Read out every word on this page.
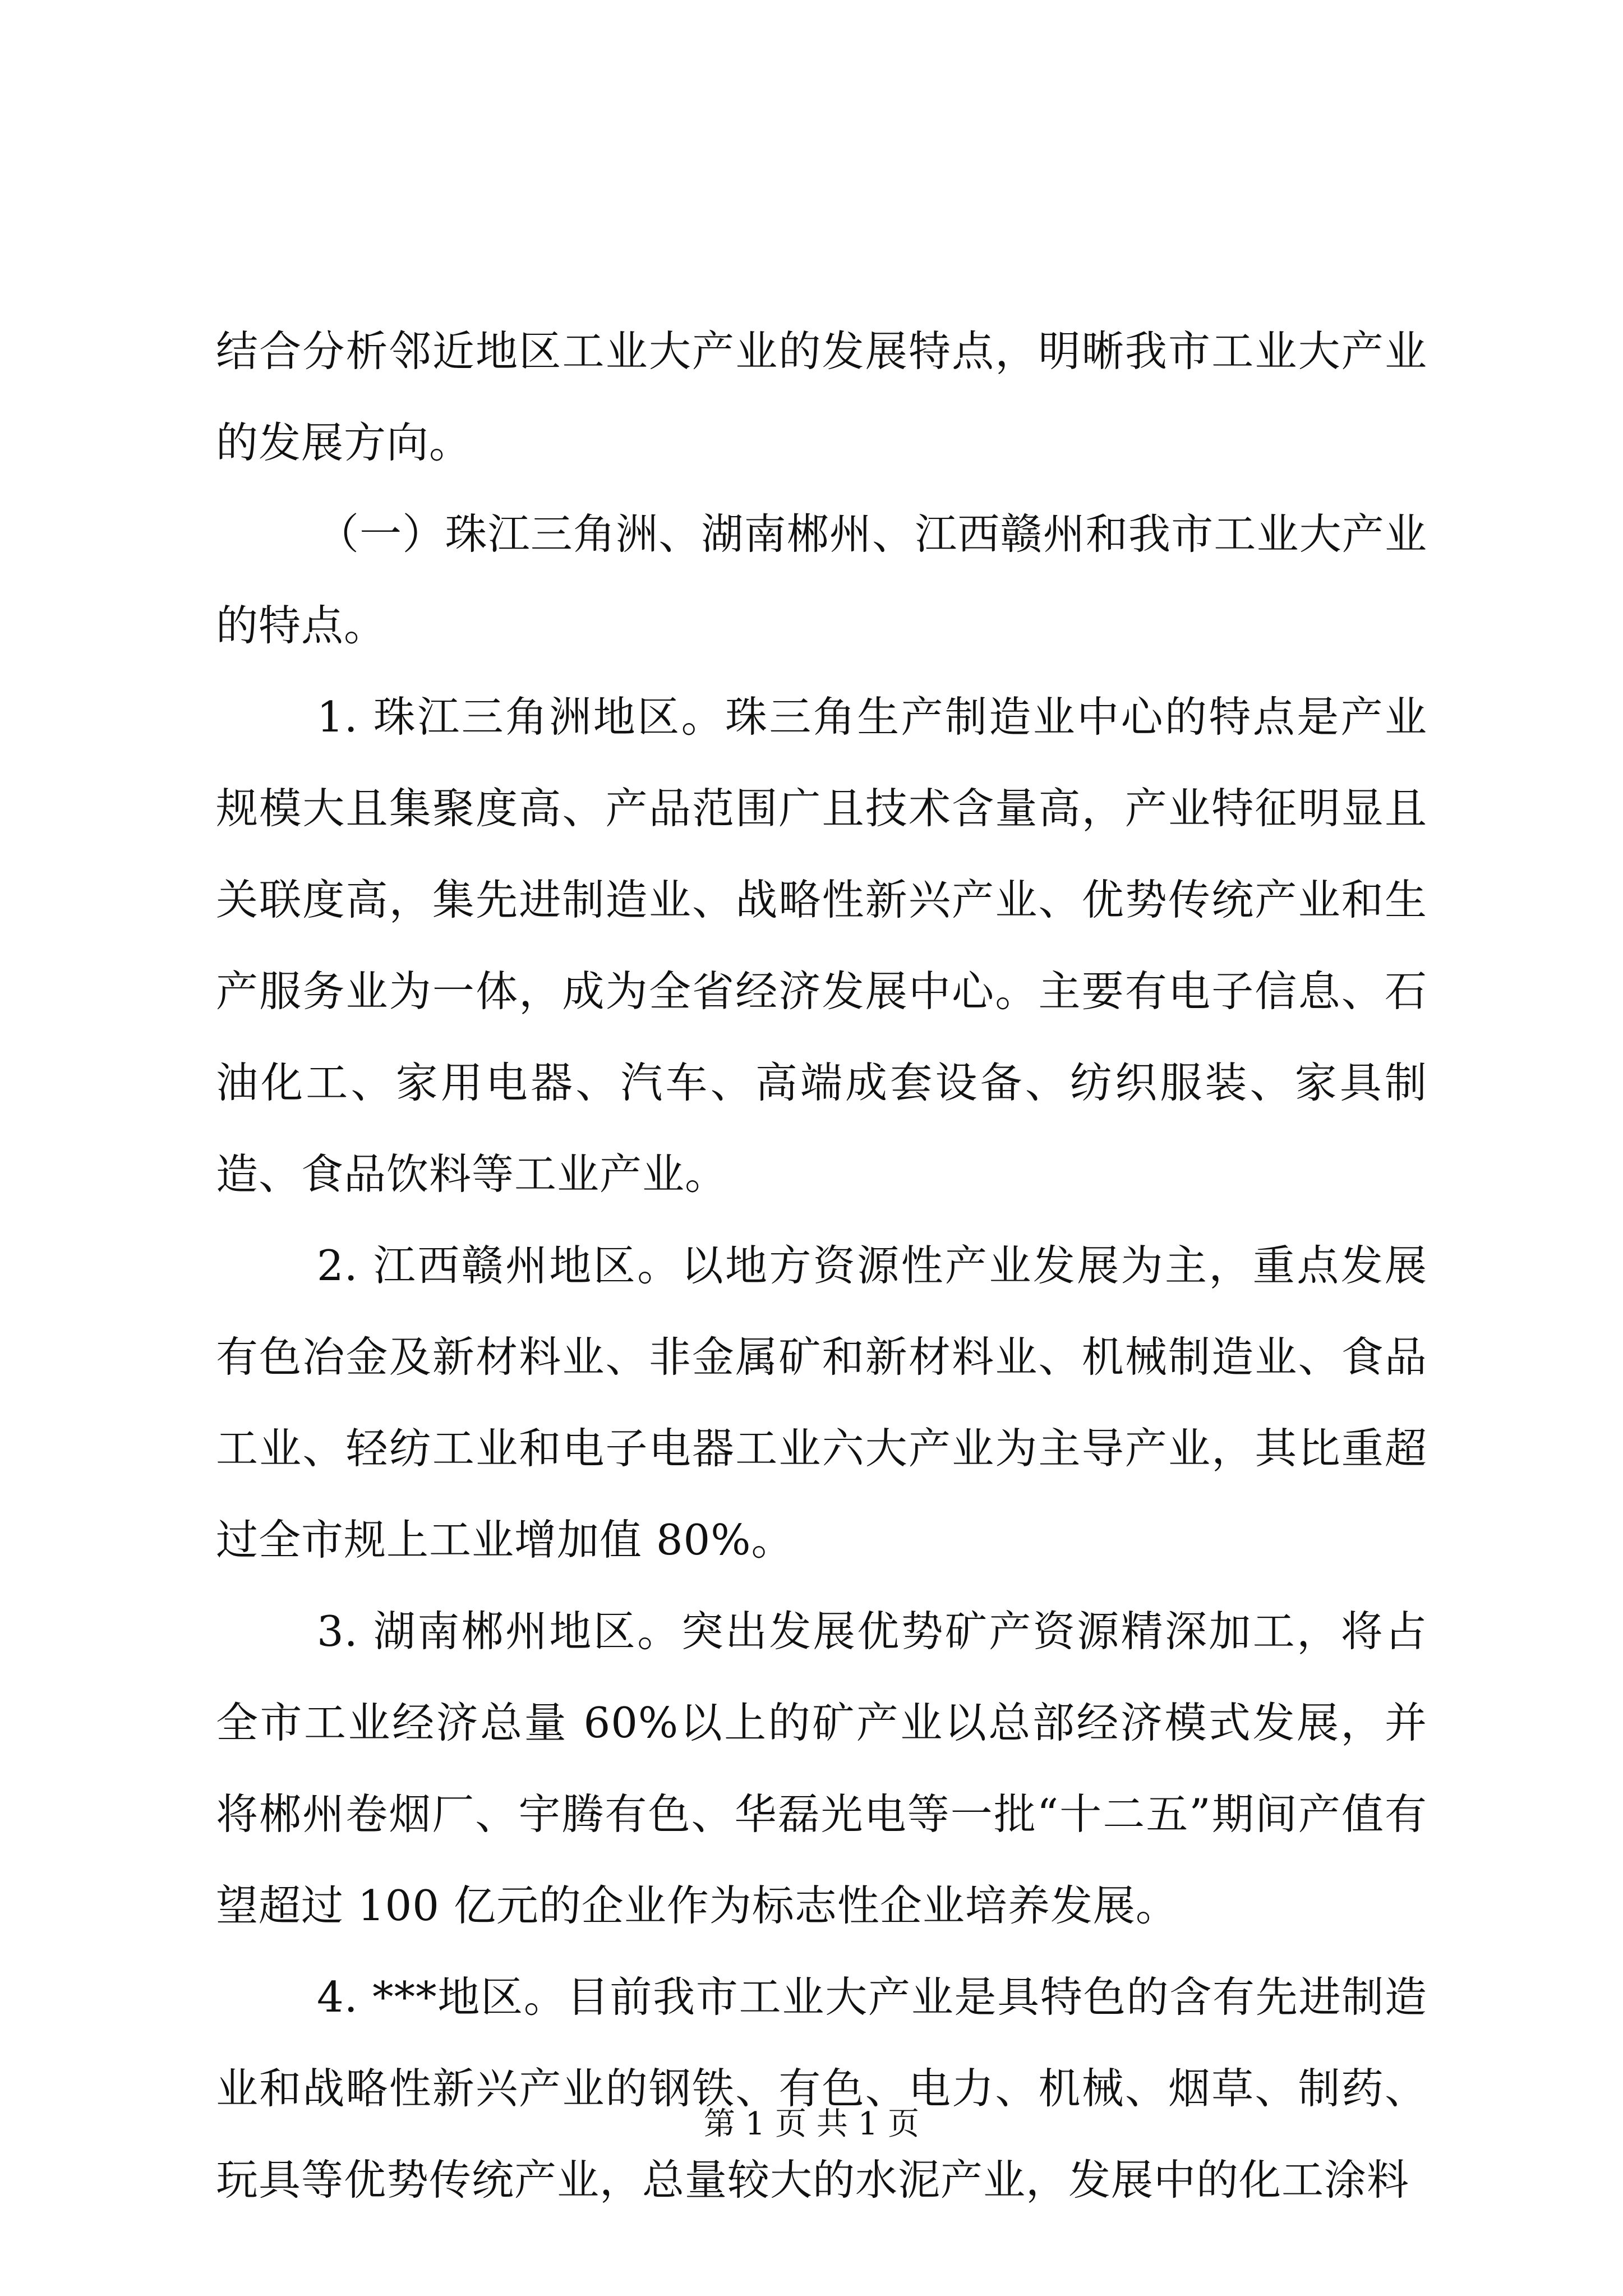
结合分析邻近地区工业大产业的发展特点，明晰我市工业大产业的发展方向。

（一）珠江三角洲、湖南郴州、江西赣州和我市工业大产业的特点。

1. 珠江三角洲地区。珠三角生产制造业中心的特点是产业规模大且集聚度高、产品范围广且技术含量高，产业特征明显且关联度高，集先进制造业、战略性新兴产业、优势传统产业和生产服务业为一体，成为全省经济发展中心。主要有电子信息、石油化工、家用电器、汽车、高端成套设备、纺织服装、家具制造、食品饮料等工业产业。

2. 江西赣州地区。以地方资源性产业发展为主，重点发展有色冶金及新材料业、非金属矿和新材料业、机械制造业、食品工业、轻纺工业和电子电器工业六大产业为主导产业，其比重超过全市规上工业增加值 80%。

3. 湖南郴州地区。突出发展优势矿产资源精深加工，将占全市工业经济总量 60%以上的矿产业以总部经济模式发展，并将郴州卷烟厂、宇腾有色、华磊光电等一批“十二五”期间产值有望超过 100 亿元的企业作为标志性企业培养发展。

4. ***地区。目前我市工业大产业是具特色的含有先进制造业和战略性新兴产业的钢铁、有色、电力、机械、烟草、制药、玩具等优势传统产业，总量较大的水泥产业，发展中的化工涂料

第 1 页 共 1 页
